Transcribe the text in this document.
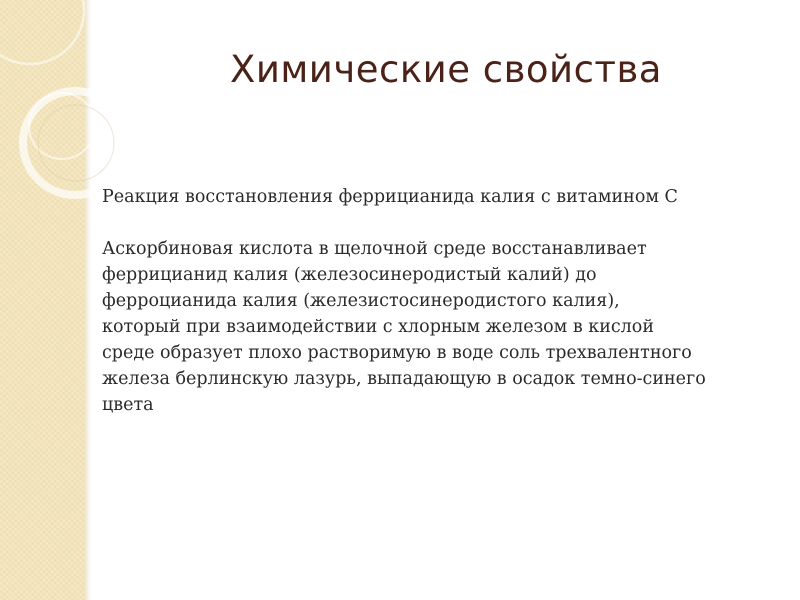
Химические свойства

Реакция восстановления феррицианида калия с витамином С

Аскорбиновая кислота в щелочной среде восстанавливает
феррицианид калия (железосинеродистый калий) до
ферроцианида калия (железистосинеродистого калия),
который при взаимодействии с хлорным железом в кислой
среде образует плохо растворимую в воде соль трехвалентного
железа берлинскую лазурь, выпадающую в осадок темно-синего
цвета
